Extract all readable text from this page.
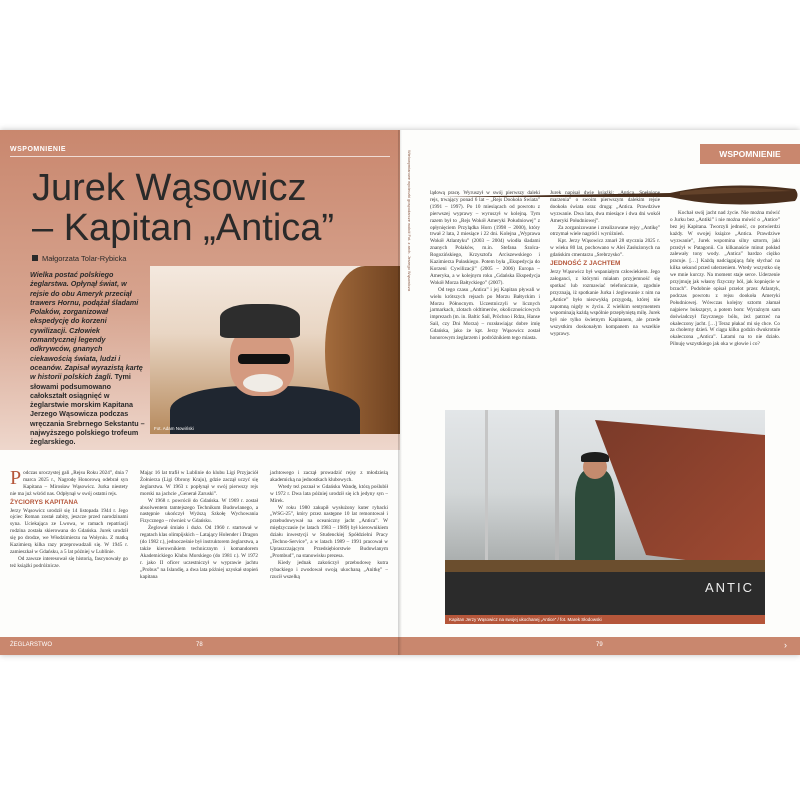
WSPOMNIENIE
Jurek Wąsowicz
– Kapitan „Antica”
Małgorzata Tolar-Rybicka
Wielka postać polskiego żeglarstwa. Opłynął świat, w rejsie do obu Ameryk przeciął trawers Hornu, podążał śladami Polaków, zorganizował ekspedycję do korzeni cywilizacji. Człowiek romantycznej legendy odkrywców, gnanych ciekawością świata, ludzi i oceanów. Zapisał wyrazistą kartę w historii polskich żagli. Tymi słowami podsumowano całokształt osiągnięć w żeglarstwie morskim Kapitana Jerzego Wąsowicza podczas wręczania Srebrnego Sekstantu – najwyższego polskiego trofeum żeglarskiego.
Fot. Adam Nowiński

Podczas uroczystej gali „Rejsu Roku 2024”, dnia 7 marca 2025 r., Nagrodę Honorową odebrał syn Kapitana – Mirosław Wąsowicz. Jurka niestety nie ma już wśród nas. Odpłynął w swój ostatni rejs.

ŻYCIORYS KAPITANA

Jerzy Wąsowicz urodził się 14 listopada 1944 r. Jego ojciec Roman został zabity, jeszcze przed narodzinami syna. Uciekająca ze Lwowa, w ramach repatriacji rodzina została skierowana do Gdańska. Jurek urodził się po drodze, we Włodzimierzu na Wołyniu. Z matką Kazimierą kilka razy przeprowadzali się. W 1945 r. zamieszkał w Gdańsku, a 5 lat później w Lublinie.

Od zawsze interesował się historią, fascynowały go też książki podróżnicze.

Mając 16 lat trafił w Lublinie do klubu Ligi Przyjaciół Żołnierza (Ligi Obrony Kraju), gdzie zaczął uczyć się żeglarstwa. W 1963 r. popłynął w swój pierwszy rejs morski na jachcie „Generał Zaruski”.

W 1968 r. powrócił do Gdańska. W 1969 r. został absolwentem tamtejszego Technikum Budowlanego, a następnie ukończył Wyższą Szkołę Wychowania Fizycznego – również w Gdańsku.

Żeglował śmiało i dużo. Od 1960 r. startował w regatach klas olimpijskich – Latający Holender i Dragon (do 1982 r.), jednocześnie był instruktorem żeglarstwa, a także kierownikiem technicznym i komandorem Akademickiego Klubu Morskiego (do 1981 r.). W 1972 r. jako II oficer uczestniczył w wyprawie jachtu „Probus” na Islandię, a dwa lata później uzyskał stopień kapitana

jachtowego i zaczął prowadzić rejsy z młodzieżą akademicką na jednostkach klubowych.

Wtedy też poznał w Gdańsku Wandę, którą poślubił w 1972 r. Dwa lata później urodził się ich jedyny syn – Mirek.

W roku 1980 zakupił wysłużony kuter rybacki „WSG-25”, który przez następne 10 lat remontował i przebudowywał na oceaniczny jacht „Antica”. W międzyczasie (w latach 1983 – 1989) był kierownikiem działu inwestycji w Studenckiej Spółdzielni Pracy „Techno-Service”, a w latach 1989 – 1991 pracował w Upraszczającym Przedsiębiorstwie Budowlanym „Prombud”, na stanowisku prezesa.

Kiedy jednak zakończył przebudowę kutra rybackiego i zwodował swoją ukochaną „Anitkę” – rzucił wszelką

ŻEGLARSTWO	78
WSPOMNIENIE

lądową pracę. Wyruszył w swój pierwszy daleki rejs, trwający ponad 6 lat – „Rejs Dookoła Świata” (1991 – 1997). Po 10 miesiącach od powrotu z pierwszej wyprawy – wyruszył w kolejną. Tym razem był to „Rejs Wokół Ameryki Południowej” z opłynięciem Przylądka Horn (1998 – 2000), który trwał 2 lata, 2 miesiące i 22 dni. Kolejna „Wyprawa Wokół Atlantyku” (2003 – 2004) wiodła śladami znanych Polaków, m.in. Stefana Szolca-Rogozińskiego, Krzysztofa Arciszewskiego i Kazimierza Pułaskiego. Potem była „Ekspedycja do Korzeni Cywilizacji” (2005 – 2006) Europa – Ameryka, a w kolejnym roku „Gdańska Ekspedycja Wokół Morza Bałtyckiego” (2007).

Od tego czasu „Antica” i jej Kapitan pływali w wielu krótszych rejsach po Morzu Bałtyckim i Morzu Północnym. Uczestniczyli w licznych jarmarkach, zlotach oldtimerów, okolicznościowych imprezach (m. in. Baltic Sail, Pröchno i Rdza, Hanse Sail, czy Dni Morza) – rozsławiając dobre imię Gdańska, jako że kpt. Jerzy Wąsowicz został honorowym żeglarzem i podróżnikiem tego miasta.

Jurek napisał dwie książki: „Antica. Spełnione marzenia” o swoim pierwszym dalekim rejsie dookoła świata oraz drugą: „Antica. Prawdziwe wyzwanie. Dwa lata, dwa miesiące i dwa dni wokół Ameryki Południowej”.

Za zorganizowane i zrealizowane rejsy „Antikę” otrzymał wiele nagród i wyróżnień.

Kpt. Jerzy Wąsowicz zmarł 28 stycznia 2025 r. w wieku 80 lat, pochowano w Alei Zasłużonych na gdańskim cmentarzu „Srebrzysko”.

JEDNOŚĆ Z JACHTEM

Jerzy Wąsowicz był wspaniałym człowiekiem. Jego załoganci, z którymi miałam przyjemność się spotkać lub rozmawiać telefonicznie, zgodnie przyznają, iż spotkanie Jurka i żeglowanie z nim na „Antice” było niezwykłą przygodą, której nie zapomną nigdy w życiu. Z wielkim sentymentem wspominają każdą wspólnie przepłyniętą milę. Jurek był nie tylko świetnym Kapitanem, ale przede wszystkim doskonałym kompanem na wszelkie wyprawy.

Kochał swój jacht nad życie. Nie można mówić o Jurku bez „Antiki” i nie można mówić o „Antice” bez jej Kapitana. Tworzyli jedność, co potwierdzi każdy. W swojej książce „Antica. Prawdziwe wyzwanie”, Jurek wspomina silny sztorm, jaki przeżył w Patagonii. Co kilkanaście minut pokład zalewały tony wody. „Antica” bardzo ciężko pracuje. […] Każdą nadciągającą falę słychać na kilka sekund przed uderzeniem. Wtedy wszystko się we mnie kurczy. Na moment staje serce. Uderzenie przyjmuję jak własny fizyczny ból, jak kopnięcie w brzuch”. Podobnie opisał przelot przez Atlantyk, podczas powrotu z rejsu dookoła Ameryki Południowej. Wówczas kolejny sztorm złamał najpierw bukszpryt, a potem bom: Wyraźnym sam doświadczył fizycznego bólu, żeż patrzeć na okaleczony jacht. […] Teraz płakać mi się chce. Co za cholerny dzień. W ciągu kilku godzin dwukrotnie okaleczona „Antica”. Latami na to nie działo. Pilnuję wszystkiego jak oka w głowie i co?

79	›
Wielowymiarowe wycieczki gospodarcze wokół Fot. z arch. Jerzego Wąsowicza
ANTIC
Kapitan Jerzy Wąsowicz na swojej ukochanej „Antice” / fot. Marek Słodowski
